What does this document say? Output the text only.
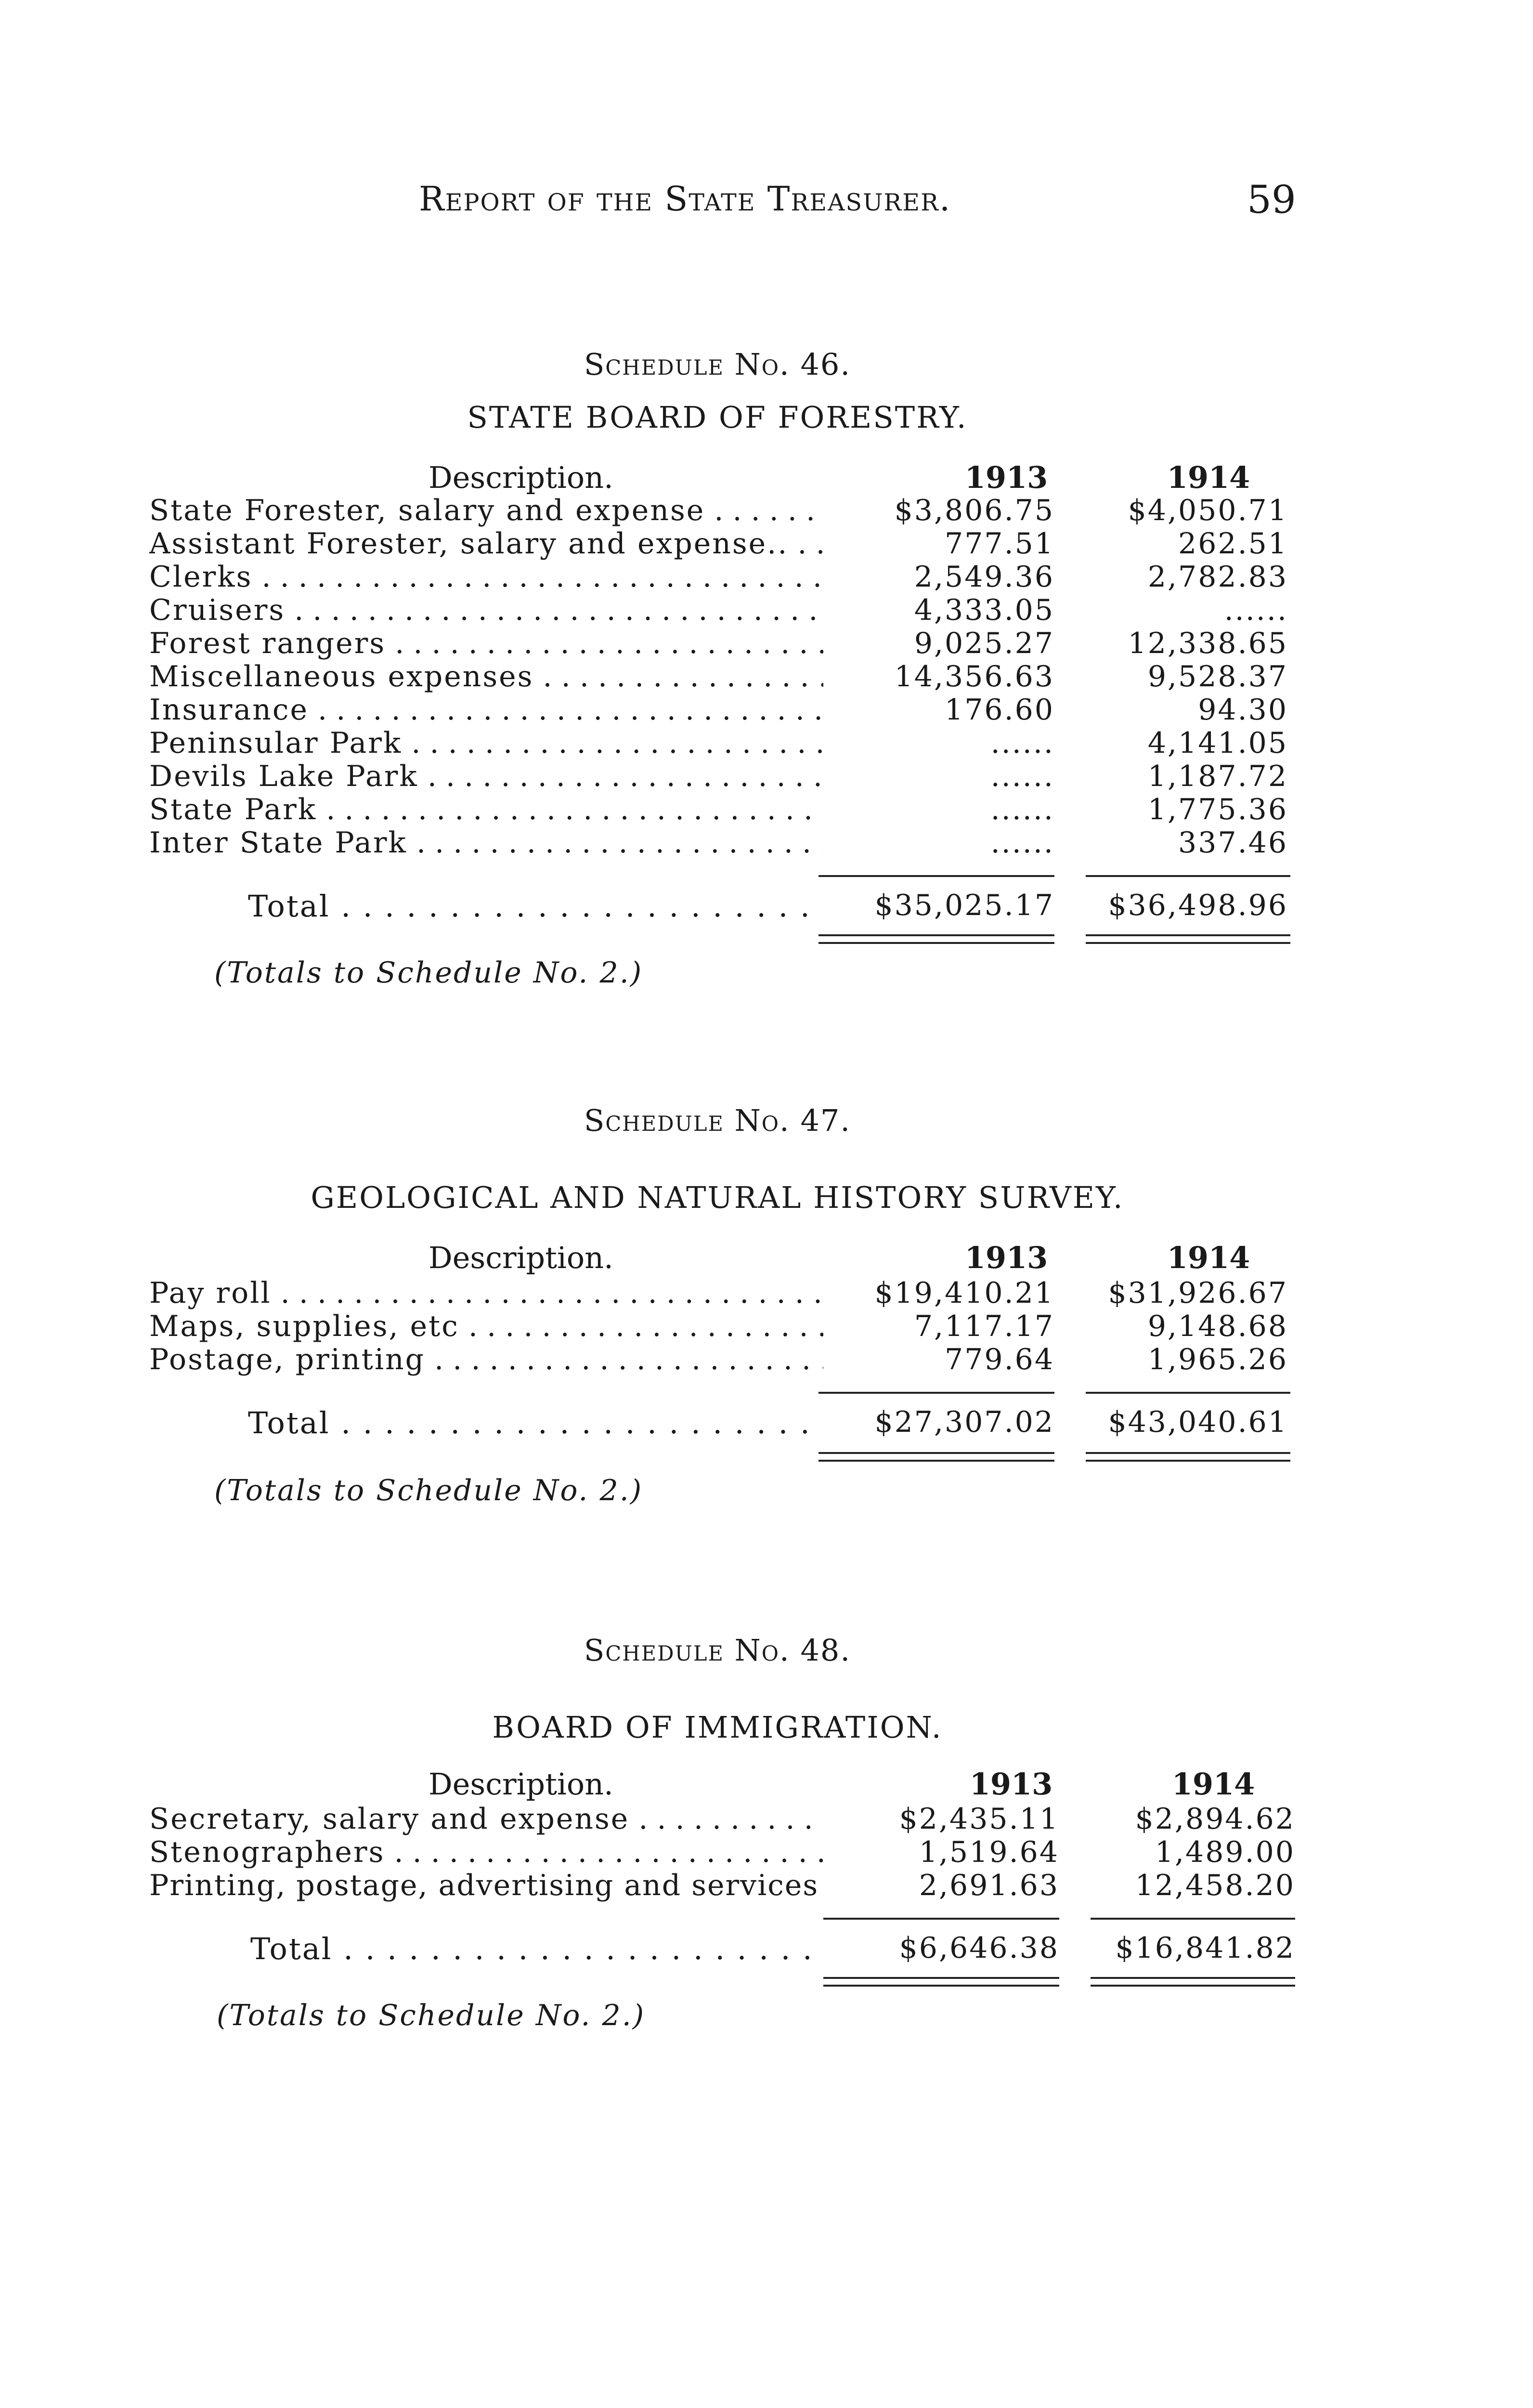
Report of the State Treasurer.	59
Schedule No. 46.
STATE BOARD OF FORESTRY.
Description.	1913	1914
State Forester, salary and expense . . .	$3,806.75	$4,050.71
Assistant Forester, salary and expense.. . . .	777.51	262.51
Clerks . . .	2,549.36	2,782.83
Cruisers . . .	4,333.05	......
Forest rangers . . .	9,025.27	12,338.65
Miscellaneous expenses . . .	14,356.63	9,528.37
Insurance . . .	176.60	94.30
Peninsular Park . . .	......	4,141.05
Devils Lake Park . . .	......	1,187.72
State Park . . .	......	1,775.36
Inter State Park . . .	......	337.46
Total . . .	$35,025.17 $36,498.96
(Totals to Schedule No. 2.)
Schedule No. 47.
GEOLOGICAL AND NATURAL HISTORY SURVEY.
Description.	1913	1914
Pay roll . . .	$19,410.21 $31,926.67
Maps, supplies, etc . . .	7,117.17	9,148.68
Postage, printing . . .	779.64	1,965.26
Total . . .	$27,307.02 $43,040.61
(Totals to Schedule No. 2.)
Schedule No. 48.
BOARD OF IMMIGRATION.
Description.	1913	1914
Secretary, salary and expense . . .	$2,435.11	$2,894.62
Stenographers . . .	1,519.64	1,489.00
Printing, postage, advertising and services	2,691.63	12,458.20
Total . . .	$6,646.38 $16,841.82
(Totals to Schedule No. 2.)
